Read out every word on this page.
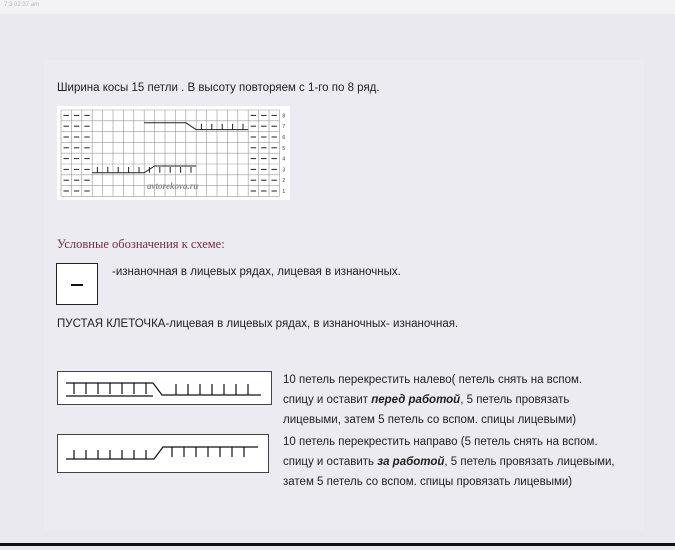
7:3 02:37 am
Ширина косы 15 петли . В высоту повторяем с 1-го по 8 ряд.
8
7
6
5
4
3
2
1
avtorekova.ru
Условные обозначения к схеме:
-изнаночная в лицевых рядах, лицевая в изнаночных.
ПУСТАЯ КЛЕТОЧКА-лицевая в лицевых рядах, в изнаночных- изнаночная.
10 петель перекрестить налево( петель снять на вспом.
спицу и оставит перед работой, 5 петель провязать
лицевыми, затем 5 петель со вспом. спицы лицевыми)
10 петель перекрестить направо (5 петель снять на вспом.
спицу и оставить за работой, 5 петель провязать лицевыми,
затем 5 петель со вспом. спицы провязать лицевыми)
